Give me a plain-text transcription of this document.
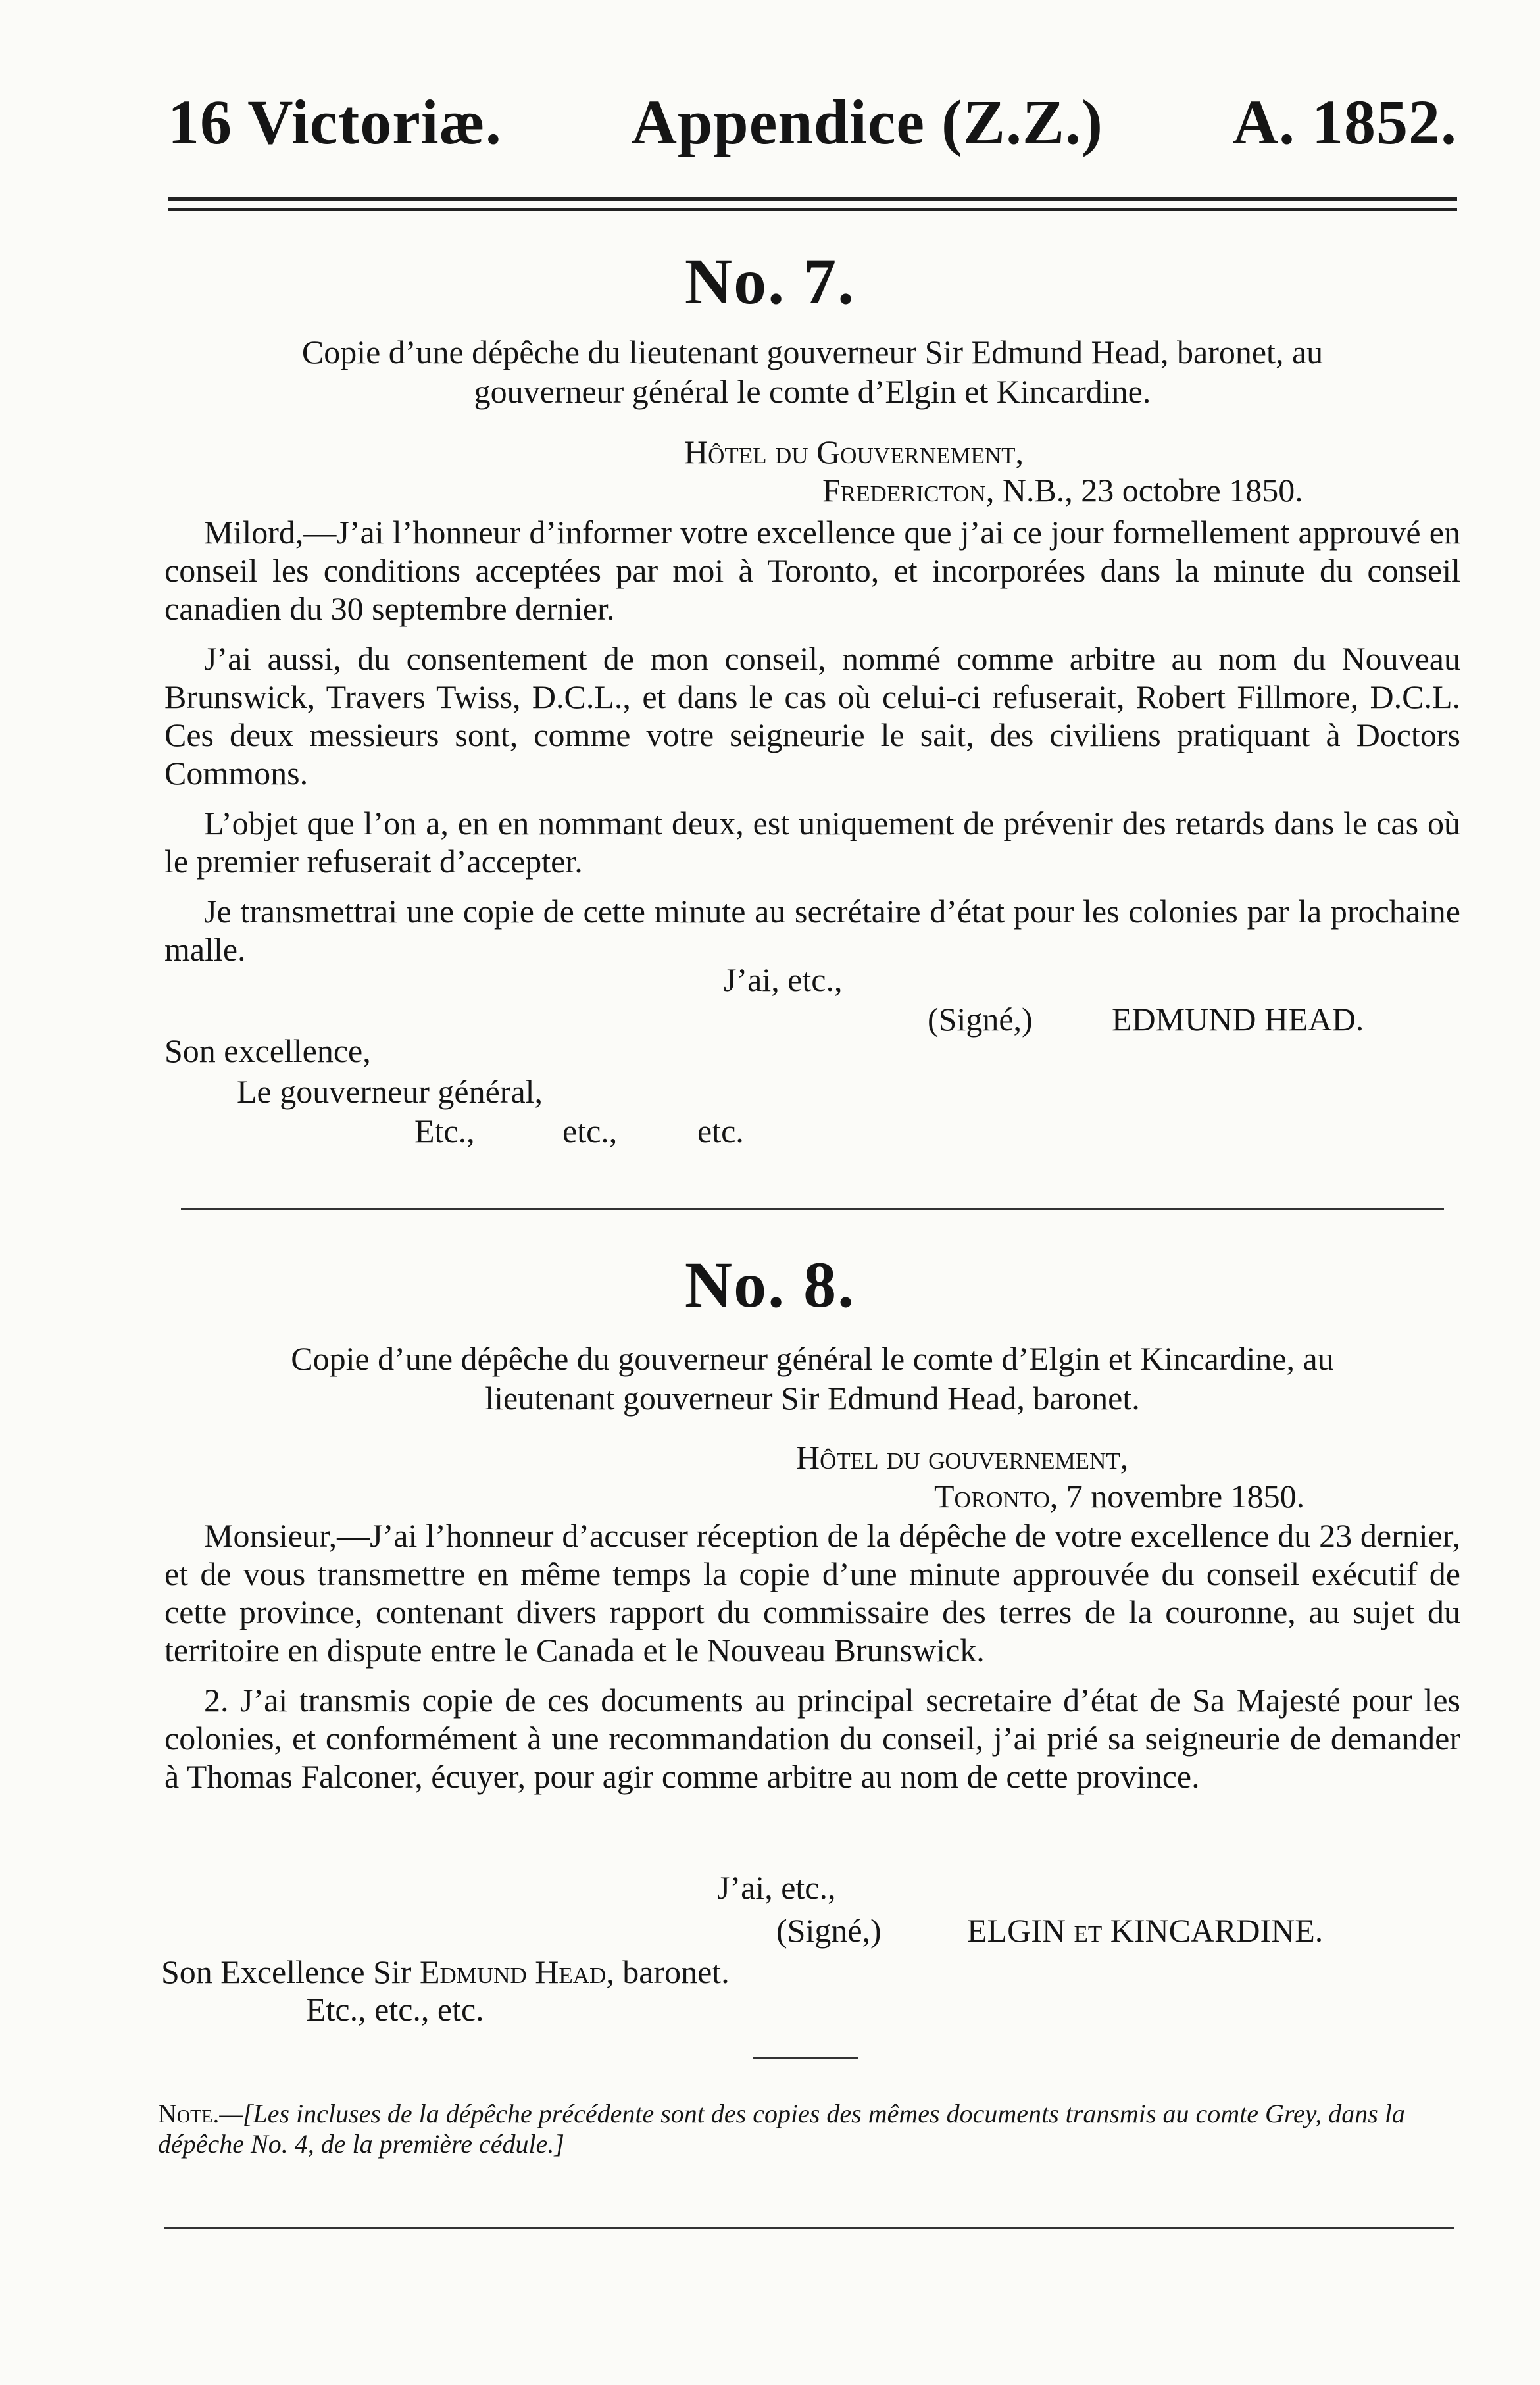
16 Victoriæ. Appendice (Z.Z.) A. 1852.
No. 7.
Copie d’une dépêche du lieutenant gouverneur Sir Edmund Head, baronet, au
gouverneur général le comte d’Elgin et Kincardine.
Hôtel du Gouvernement,
Fredericton, N.B., 23 octobre 1850.

Milord,—J’ai l’honneur d’informer votre excellence que j’ai ce jour formellement approuvé en conseil les conditions acceptées par moi à Toronto, et incorporées dans la minute du conseil canadien du 30 septembre dernier.

J’ai aussi, du consentement de mon conseil, nommé comme arbitre au nom du Nouveau Brunswick, Travers Twiss, D.C.L., et dans le cas où celui-ci refuserait, Robert Fillmore, D.C.L. Ces deux messieurs sont, comme votre seigneurie le sait, des civiliens pratiquant à Doctors Commons.

L’objet que l’on a, en en nommant deux, est uniquement de prévenir des retards dans le cas où le premier refuserait d’accepter.

Je transmettrai une copie de cette minute au secrétaire d’état pour les colonies par la prochaine malle.

J’ai, etc.,
(Signé,) EDMUND HEAD.
Son excellence,
Le gouverneur général,
Etc.,	etc., etc.
No. 8.
Copie d’une dépêche du gouverneur général le comte d’Elgin et Kincardine, au
lieutenant gouverneur Sir Edmund Head, baronet.
Hôtel du gouvernement,
Toronto, 7 novembre 1850.

Monsieur,—J’ai l’honneur d’accuser réception de la dépêche de votre excellence du 23 dernier, et de vous transmettre en même temps la copie d’une minute approuvée du conseil exécutif de cette province, contenant divers rapport du commissaire des terres de la couronne, au sujet du territoire en dispute entre le Canada et le Nouveau Brunswick.

2. J’ai transmis copie de ces documents au principal secretaire d’état de Sa Majesté pour les colonies, et conformément à une recommandation du conseil, j’ai prié sa seigneurie de demander à Thomas Falconer, écuyer, pour agir comme arbitre au nom de cette province.

J’ai, etc.,
(Signé,)	ELGIN et KINCARDINE.
Son Excellence Sir Edmund Head, baronet.
Etc., etc., etc.
Note.—[Les incluses de la dépêche précédente sont des copies des mêmes documents transmis au comte Grey, dans la dépêche No. 4, de la première cédule.]
